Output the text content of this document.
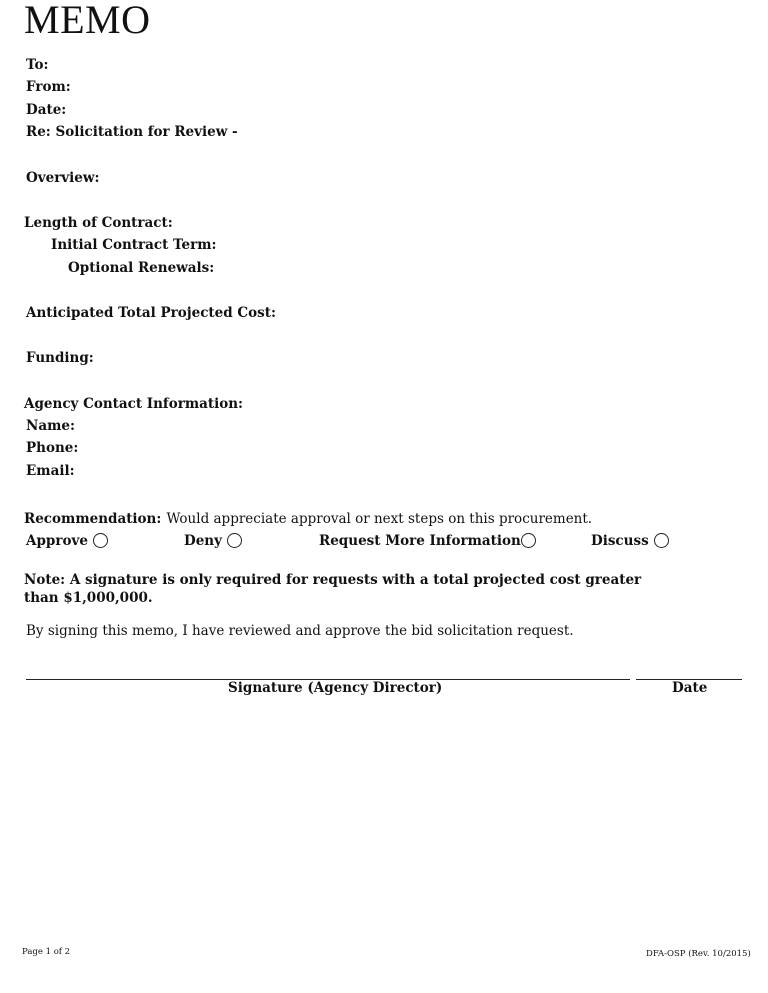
MEMO
To:
From:
Date:
Re: Solicitation for Review -
Overview:
Length of Contract:
Initial Contract Term:
Optional Renewals:
Anticipated Total Projected Cost:
Funding:
Agency Contact Information:
Name:
Phone:
Email:
Recommendation: Would appreciate approval or next steps on this procurement.
Approve	Deny	Request More Information	Discuss
Note: A signature is only required for requests with a total projected cost greater
than $1,000,000.
By signing this memo, I have reviewed and approve the bid solicitation request.
Signature (Agency Director)	Date
Page 1 of 2	DFA-OSP (Rev. 10/2015)
